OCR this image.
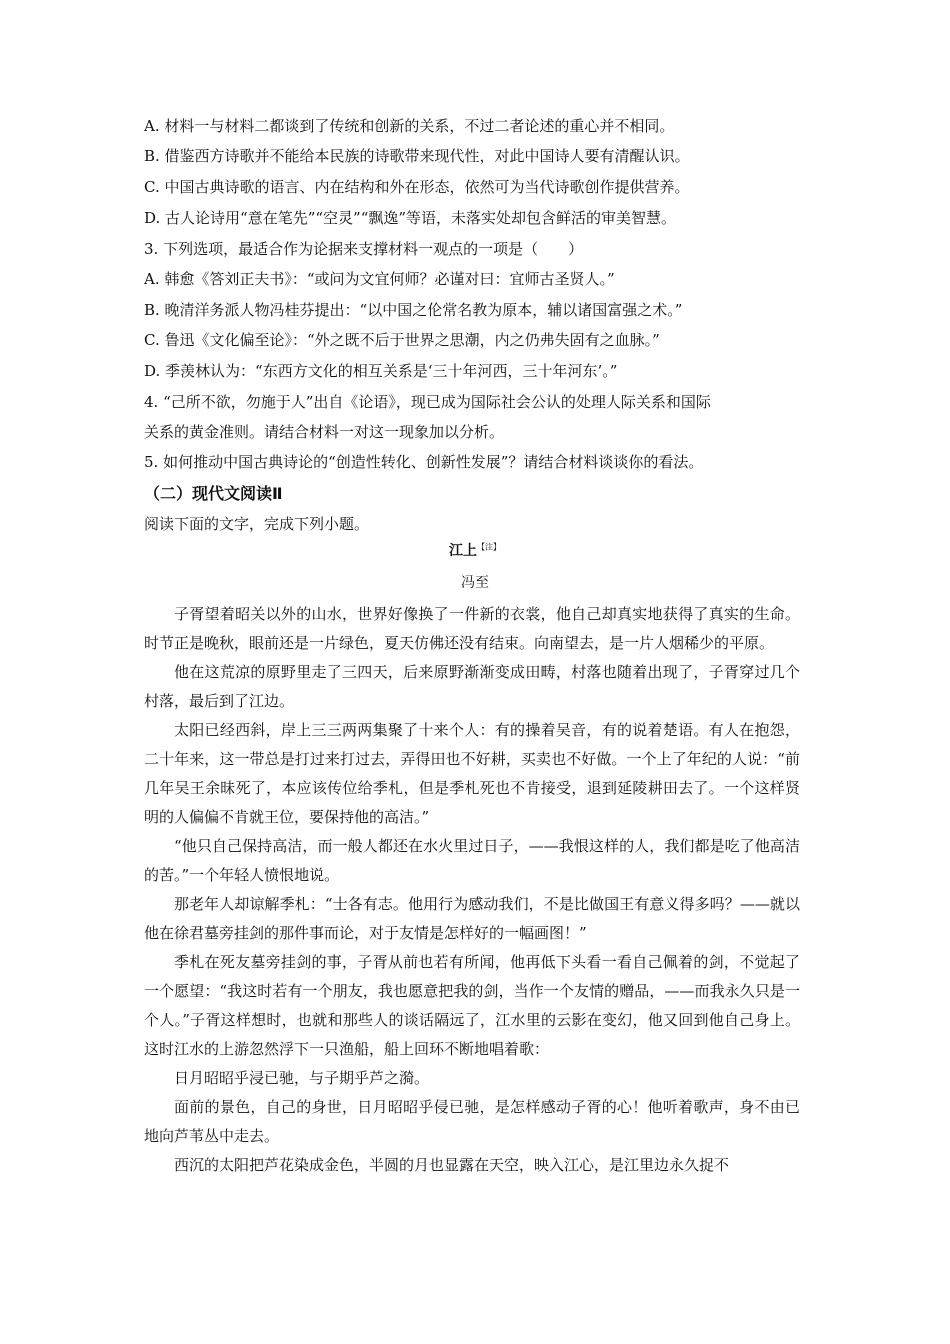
A. 材料一与材料二都谈到了传统和创新的关系，不过二者论述的重心并不相同。
B. 借鉴西方诗歌并不能给本民族的诗歌带来现代性，对此中国诗人要有清醒认识。
C. 中国古典诗歌的语言、内在结构和外在形态，依然可为当代诗歌创作提供营养。
D. 古人论诗用“意在笔先”“空灵”“飘逸”等语，未落实处却包含鲜活的审美智慧。
3. 下列选项，最适合作为论据来支撑材料一观点的一项是（　　）
A. 韩愈《答刘正夫书》：“或问为文宜何师？必谨对曰：宜师古圣贤人。”
B. 晚清洋务派人物冯桂芬提出：“以中国之伦常名教为原本，辅以诸国富强之术。”
C. 鲁迅《文化偏至论》：“外之既不后于世界之思潮，内之仍弗失固有之血脉。”
D. 季羡林认为：“东西方文化的相互关系是‘三十年河西，三十年河东’。”
4. “己所不欲，勿施于人”出自《论语》，现已成为国际社会公认的处理人际关系和国际
关系的黄金准则。请结合材料一对这一现象加以分析。
5. 如何推动中国古典诗论的“创造性转化、创新性发展”？请结合材料谈谈你的看法。
（二）现代文阅读Ⅱ
阅读下面的文字，完成下列小题。
江上$^{【注】}$
冯至

子胥望着昭关以外的山水，世界好像换了一件新的衣裳，他自己却真实地获得了真实的生命。时节正是晚秋，眼前还是一片绿色，夏天仿佛还没有结束。向南望去，是一片人烟稀少的平原。

他在这荒凉的原野里走了三四天，后来原野渐渐变成田畴，村落也随着出现了，子胥穿过几个村落，最后到了江边。

太阳已经西斜，岸上三三两两集聚了十来个人：有的操着吴音，有的说着楚语。有人在抱怨，二十年来，这一带总是打过来打过去，弄得田也不好耕，买卖也不好做。一个上了年纪的人说：“前几年吴王余昧死了，本应该传位给季札，但是季札死也不肯接受，退到延陵耕田去了。一个这样贤明的人偏偏不肯就王位，要保持他的高洁。”

“他只自己保持高洁，而一般人都还在水火里过日子，——我恨这样的人，我们都是吃了他高洁的苦。”一个年轻人愤恨地说。

那老年人却谅解季札：“士各有志。他用行为感动我们，不是比做国王有意义得多吗？——就以他在徐君墓旁挂剑的那件事而论，对于友情是怎样好的一幅画图！”

季札在死友墓旁挂剑的事，子胥从前也若有所闻，他再低下头看一看自己佩着的剑，不觉起了一个愿望：“我这时若有一个朋友，我也愿意把我的剑，当作一个友情的赠品，——而我永久只是一个人。”子胥这样想时，也就和那些人的谈话隔远了，江水里的云影在变幻，他又回到他自己身上。这时江水的上游忽然浮下一只渔船，船上回环不断地唱着歌：

日月昭昭乎浸已驰，与子期乎芦之漪。

面前的景色，自己的身世，日月昭昭乎侵已驰，是怎样感动子胥的心！他听着歌声，身不由已地向芦苇丛中走去。

西沉的太阳把芦花染成金色，半圆的月也显露在天空，映入江心，是江里边永久捉不
